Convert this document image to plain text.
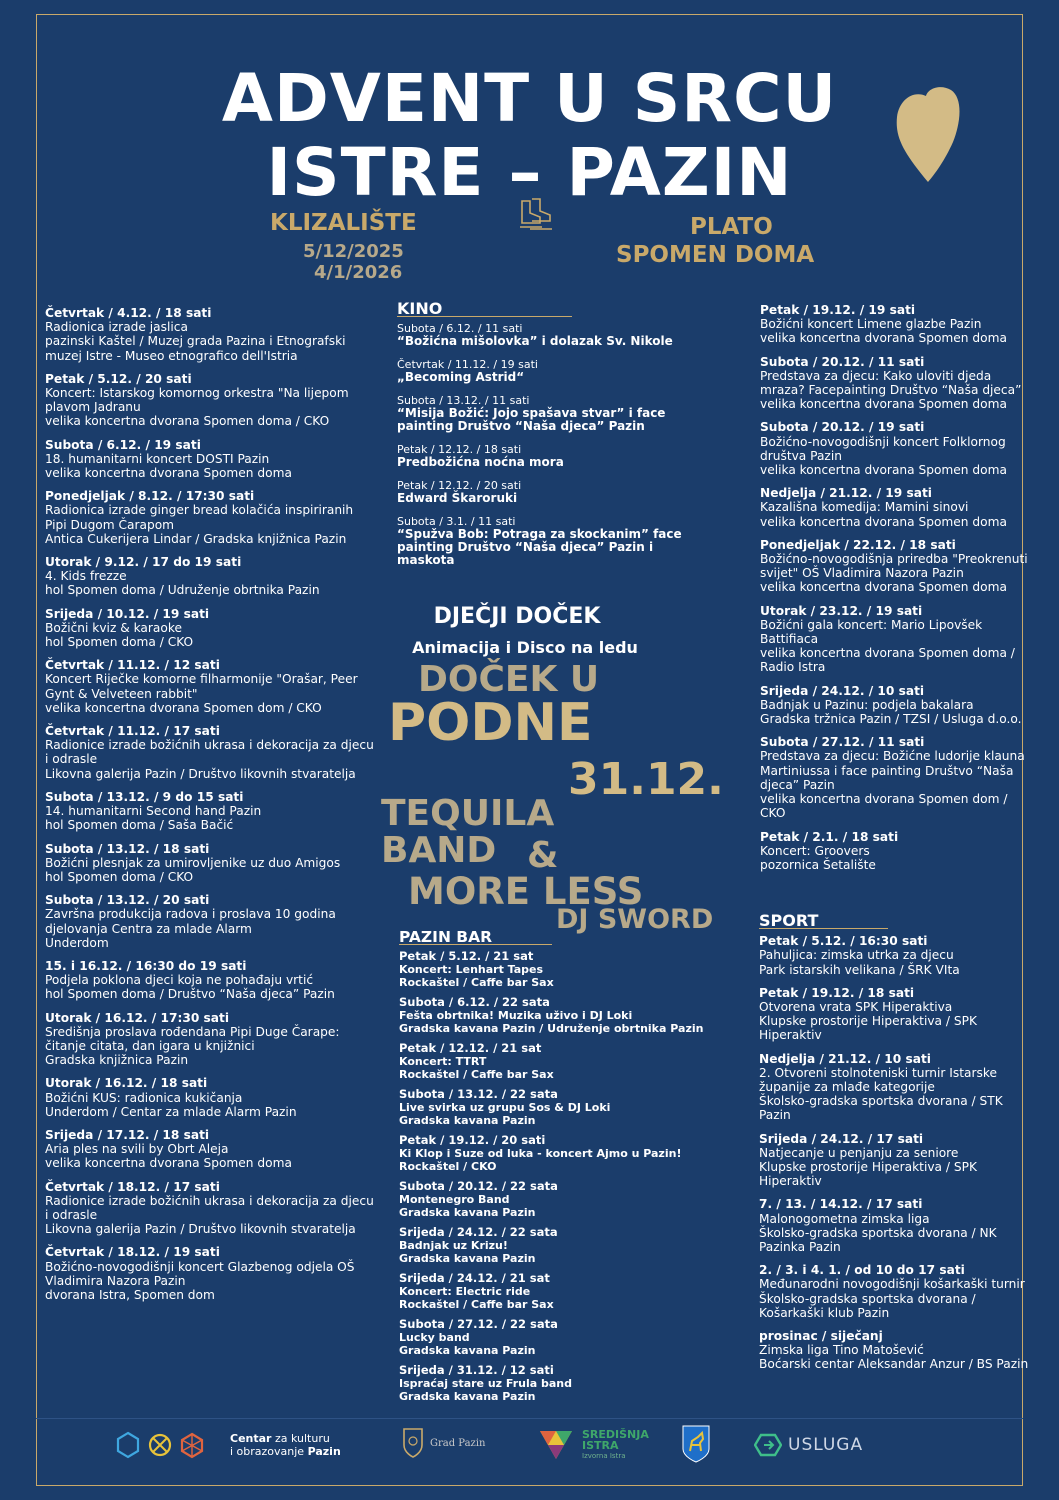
ADVENT U SRCU
ISTRE – PAZIN
KLIZALIŠTE
5/12/2025
4/1/2026
PLATO
SPOMEN DOMA
Četvrtak / 4.12. / 18 sati
Radionica izrade jaslica
pazinski Kaštel / Muzej grada Pazina i Etnografski muzej Istre - Museo etnografico dell'Istria
Petak / 5.12. / 20 sati
Koncert: Istarskog komornog orkestra "Na lijepom plavom Jadranu
velika koncertna dvorana Spomen doma / CKO
Subota / 6.12. / 19 sati
18. humanitarni koncert DOSTI Pazin
velika koncertna dvorana Spomen doma
Ponedjeljak / 8.12. / 17:30 sati
Radionica izrade ginger bread kolačića inspiriranih Pipi Dugom Čarapom
Antica Cukerijera Lindar / Gradska knjižnica Pazin
Utorak / 9.12. / 17 do 19 sati
4. Kids frezze
hol Spomen doma / Udruženje obrtnika Pazin
Srijeda / 10.12. / 19 sati
Božični kviz & karaoke
hol Spomen doma / CKO
Četvrtak / 11.12. / 12 sati
Koncert Riječke komorne filharmonije "Orašar, Peer Gynt & Velveteen rabbit"
velika koncertna dvorana Spomen dom / CKO
Četvrtak / 11.12. / 17 sati
Radionice izrade božićnih ukrasa i dekoracija za djecu i odrasle
Likovna galerija Pazin / Društvo likovnih stvaratelja
Subota / 13.12. / 9 do 15 sati
14. humanitarni Second hand Pazin
hol Spomen doma / Saša Bačić
Subota / 13.12. / 18 sati
Božićni plesnjak za umirovljenike uz duo Amigos
hol Spomen doma / CKO
Subota / 13.12. / 20 sati
Završna produkcija radova i proslava 10 godina djelovanja Centra za mlade Alarm
Underdom
15. i 16.12. / 16:30 do 19 sati
Podjela poklona djeci koja ne pohađaju vrtić
hol Spomen doma / Društvo “Naša djeca” Pazin
Utorak / 16.12. / 17:30 sati
Središnja proslava rođendana Pipi Duge Čarape: čitanje citata, dan igara u knjižnici
Gradska knjižnica Pazin
Utorak / 16.12. / 18 sati
Božićni KUS: radionica kukičanja
Underdom / Centar za mlade Alarm Pazin
Srijeda / 17.12. / 18 sati
Aria ples na svili by Obrt Aleja
velika koncertna dvorana Spomen doma
Četvrtak / 18.12. / 17 sati
Radionice izrade božićnih ukrasa i dekoracija za djecu i odrasle
Likovna galerija Pazin / Društvo likovnih stvaratelja
Četvrtak / 18.12. / 19 sati
Božićno-novogodišnji koncert Glazbenog odjela OŠ Vladimira Nazora Pazin
dvorana Istra, Spomen dom
KINO
Subota / 6.12. / 11 sati
“Božićna mišolovka” i dolazak Sv. Nikole
Četvrtak / 11.12. / 19 sati
„Becoming Astrid“
Subota / 13.12. / 11 sati
“Misija Božić: Jojo spašava stvar” i face painting Društvo “Naša djeca” Pazin
Petak / 12.12. / 18 sati
Predbožićna noćna mora
Petak / 12.12. / 20 sati
Edward Škaroruki
Subota / 3.1. / 11 sati
“Spužva Bob: Potraga za skockanim” face painting Društvo “Naša djeca” Pazin i maskota
DJEČJI DOČEK
Animacija i Disco na ledu
DOČEK U
PODNE
31.12.
TEQUILA
BAND &
MORE LESS
DJ SWORD
PAZIN BAR
Petak / 5.12. / 21 sat
Koncert: Lenhart Tapes
Rockaštel / Caffe bar Sax
Subota / 6.12. / 22 sata
Fešta obrtnika! Muzika uživo i DJ Loki
Gradska kavana Pazin / Udruženje obrtnika Pazin
Petak / 12.12. / 21 sat
Koncert: TTRT
Rockaštel / Caffe bar Sax
Subota / 13.12. / 22 sata
Live svirka uz grupu Sos & DJ Loki
Gradska kavana Pazin
Petak / 19.12. / 20 sati
Ki Klop i Suze od luka - koncert Ajmo u Pazin!
Rockaštel / CKO
Subota / 20.12. / 22 sata
Montenegro Band
Gradska kavana Pazin
Srijeda / 24.12. / 22 sata
Badnjak uz Krizu!
Gradska kavana Pazin
Srijeda / 24.12. / 21 sat
Koncert: Electric ride
Rockaštel / Caffe bar Sax
Subota / 27.12. / 22 sata
Lucky band
Gradska kavana Pazin
Srijeda / 31.12. / 12 sati
Ispraćaj stare uz Frula band
Gradska kavana Pazin
Petak / 19.12. / 19 sati
Božićni koncert Limene glazbe Pazin
velika koncertna dvorana Spomen doma
Subota / 20.12. / 11 sati
Predstava za djecu: Kako uloviti djeda mraza? Facepainting Društvo “Naša djeca”
velika koncertna dvorana Spomen doma
Subota / 20.12. / 19 sati
Božićno-novogodišnji koncert Folklornog društva Pazin
velika koncertna dvorana Spomen doma
Nedjelja / 21.12. / 19 sati
Kazališna komedija: Mamini sinovi
velika koncertna dvorana Spomen doma
Ponedjeljak / 22.12. / 18 sati
Božićno-novogodišnja priredba "Preokrenuti svijet" OŠ Vladimira Nazora Pazin
velika koncertna dvorana Spomen doma
Utorak / 23.12. / 19 sati
Božićni gala koncert: Mario Lipovšek Battifiaca
velika koncertna dvorana Spomen doma / Radio Istra
Srijeda / 24.12. / 10 sati
Badnjak u Pazinu: podjela bakalara
Gradska tržnica Pazin / TZSI / Usluga d.o.o.
Subota / 27.12. / 11 sati
Predstava za djecu: Božićne ludorije klauna Martiniussa i face painting Društvo “Naša djeca” Pazin
velika koncertna dvorana Spomen dom / CKO
Petak / 2.1. / 18 sati
Koncert: Groovers
pozornica Šetalište
SPORT
Petak / 5.12. / 16:30 sati
Pahuljica: zimska utrka za djecu
Park istarskih velikana / ŠRK VIta
Petak / 19.12. / 18 sati
Otvorena vrata SPK Hiperaktiva
Klupske prostorije Hiperaktiva / SPK Hiperaktiv
Nedjelja / 21.12. / 10 sati
2. Otvoreni stolnoteniski turnir Istarske županije za mlađe kategorije
Školsko-gradska sportska dvorana / STK Pazin
Srijeda / 24.12. / 17 sati
Natjecanje u penjanju za seniore
Klupske prostorije Hiperaktiva / SPK Hiperaktiv
7. / 13. / 14.12. / 17 sati
Malonogometna zimska liga
Školsko-gradska sportska dvorana / NK Pazinka Pazin
2. / 3. i 4. 1. / od 10 do 17 sati
Međunarodni novogodišnji košarkaški turnir
Školsko-gradska sportska dvorana / Košarkaški klub Pazin
prosinac / siječanj
Zimska liga Tino Matošević
Boćarski centar Aleksandar Anzur / BS Pazin
Centar za kulturu
i obrazovanje Pazin
Grad Pazin
SREDIŠNJA
ISTRA
Izvorna Istra
USLUGA
